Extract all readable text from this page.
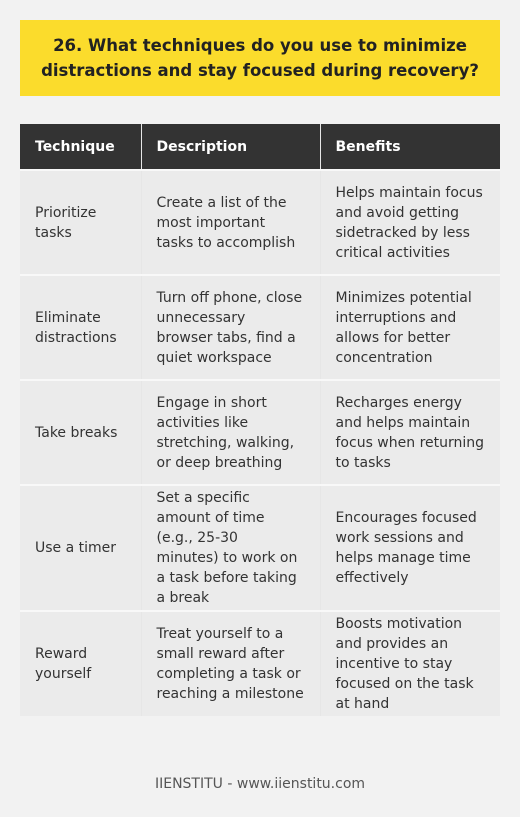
26. What techniques do you use to minimize distractions and stay focused during recovery?
Technique	Description	Benefits
Prioritize tasks	Create a list of the most important tasks to accomplish	Helps maintain focus and avoid getting sidetracked by less critical activities
Eliminate distractions	Turn off phone, close unnecessary browser tabs, find a quiet workspace	Minimizes potential interruptions and allows for better concentration
Take breaks	Engage in short activities like stretching, walking, or deep breathing	Recharges energy and helps maintain focus when returning to tasks
Use a timer	Set a specific amount of time (e.g., 25-30 minutes) to work on a task before taking a break	Encourages focused work sessions and helps manage time effectively
Reward yourself	Treat yourself to a small reward after completing a task or reaching a milestone	Boosts motivation and provides an incentive to stay focused on the task at hand
IIENSTITU - www.iienstitu.com
